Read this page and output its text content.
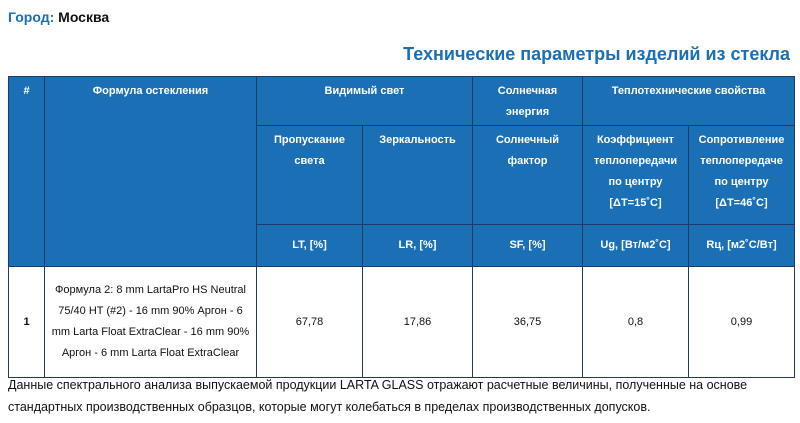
Город: Москва
Технические параметры изделий из стекла
#	Формула остекления	Видимый свет		Солнечная энергия	Теплотехнические свойства	
		Пропускание света	Зеркальность	Солнечный фактор	Коэффициент теплопередачи по центру [ΔT=15˚C]	Сопротивление теплопередаче по центру [ΔT=46˚C]
		LT, [%]	LR, [%]	SF, [%]	Ug, [Вт/м2˚C]	Rц, [м2˚C/Вт]
1	Формула 2: 8 mm LartaPro HS Neutral 75/40 HT (#2) - 16 mm 90% Аргон - 6 mm Larta Float ExtraClear - 16 mm 90% Аргон - 6 mm Larta Float ExtraClear	67,78	17,86	36,75	0,8	0,99
Данные спектрального анализа выпускаемой продукции LARTA GLASS отражают расчетные величины, полученные на основе стандартных производственных образцов, которые могут колебаться в пределах производственных допусков.
